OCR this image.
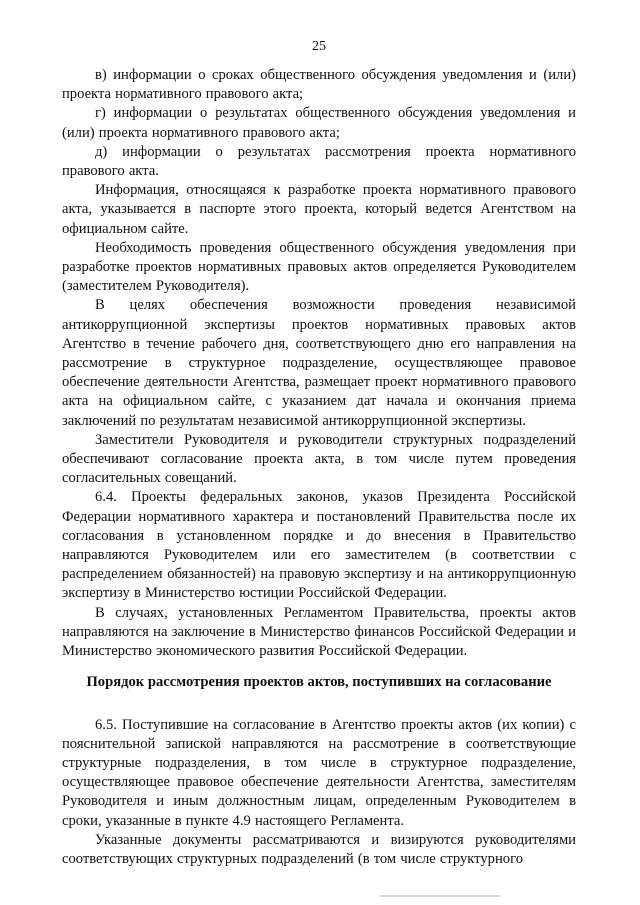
25

в) информации о сроках общественного обсуждения уведомления и (или) проекта нормативного правового акта;

г) информации о результатах общественного обсуждения уведомления и (или) проекта нормативного правового акта;

д) информации о результатах рассмотрения проекта нормативного правового акта.

Информация, относящаяся к разработке проекта нормативного правового акта, указывается в паспорте этого проекта, который ведется Агентством на официальном сайте.

Необходимость проведения общественного обсуждения уведомления при разработке проектов нормативных правовых актов определяется Руководителем (заместителем Руководителя).

В целях обеспечения возможности проведения независимой антикоррупционной экспертизы проектов нормативных правовых актов Агентство в течение рабочего дня, соответствующего дню его направления на рассмотрение в структурное подразделение, осуществляющее правовое обеспечение деятельности Агентства, размещает проект нормативного правового акта на официальном сайте, с указанием дат начала и окончания приема заключений по результатам независимой антикоррупционной экспертизы.

Заместители Руководителя и руководители структурных подразделений обеспечивают согласование проекта акта, в том числе путем проведения согласительных совещаний.

6.4. Проекты федеральных законов, указов Президента Российской Федерации нормативного характера и постановлений Правительства после их согласования в установленном порядке и до внесения в Правительство направляются Руководителем или его заместителем (в соответствии с распределением обязанностей) на правовую экспертизу и на антикоррупционную экспертизу в Министерство юстиции Российской Федерации.

В случаях, установленных Регламентом Правительства, проекты актов направляются на заключение в Министерство финансов Российской Федерации и Министерство экономического развития Российской Федерации.

Порядок рассмотрения проектов актов, поступивших на согласование

6.5. Поступившие на согласование в Агентство проекты актов (их копии) с пояснительной запиской направляются на рассмотрение в соответствующие структурные подразделения, в том числе в структурное подразделение, осуществляющее правовое обеспечение деятельности Агентства, заместителям Руководителя и иным должностным лицам, определенным Руководителем в сроки, указанные в пункте 4.9 настоящего Регламента.

Указанные документы рассматриваются и визируются руководителями соответствующих структурных подразделений (в том числе структурного
